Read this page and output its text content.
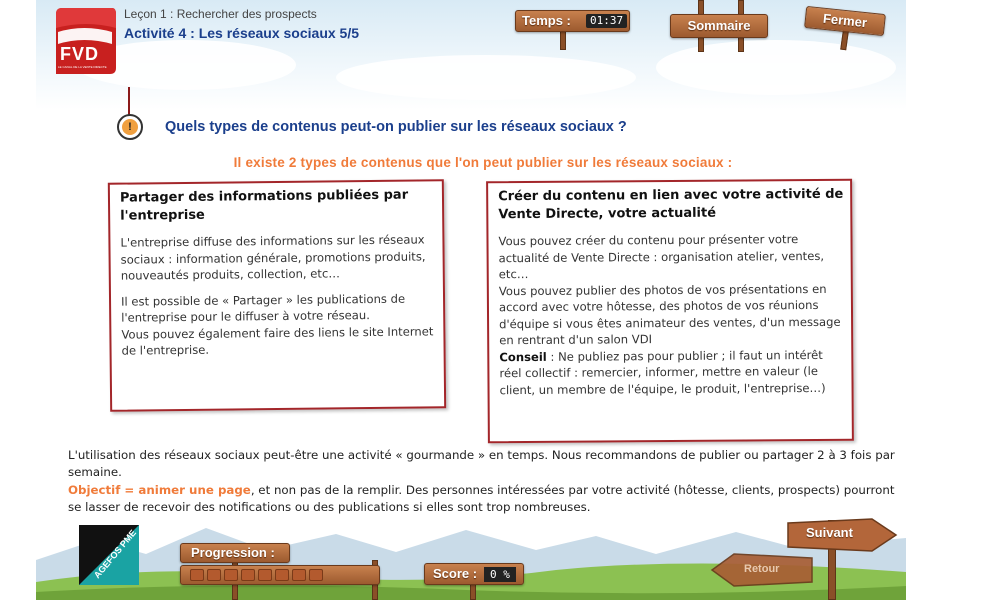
FVD
LE CANAL DE LA VENTE DIRECTE
Leçon 1 : Rechercher des prospects
Activité 4 : Les réseaux sociaux 5/5
Temps :	01:37	Sommaire	Fermer
!	Quels types de contenus peut-on publier sur les réseaux sociaux ?
Il existe 2 types de contenus que l'on peut publier sur les réseaux sociaux :
Partager des informations publiées par l'entreprise

L'entreprise diffuse des informations sur les réseaux sociaux : information générale, promotions produits, nouveautés produits, collection, etc…

Il est possible de « Partager » les publications de l'entreprise pour le diffuser à votre réseau.

Vous pouvez également faire des liens le site Internet de l'entreprise.

Créer du contenu en lien avec votre activité de Vente Directe, votre actualité

Vous pouvez créer du contenu pour présenter votre actualité de Vente Directe : organisation atelier, ventes, etc…

Vous pouvez publier des photos de vos présentations en accord avec votre hôtesse, des photos de vos réunions d'équipe si vous êtes animateur des ventes, d'un message en rentrant d'un salon VDI

Conseil : Ne publiez pas pour publier ; il faut un intérêt réel collectif : remercier, informer, mettre en valeur (le client, un membre de l'équipe, le produit, l'entreprise…)

L'utilisation des réseaux sociaux peut-être une activité « gourmande » en temps. Nous recommandons de publier ou partager 2 à 3 fois par semaine.

Objectif = animer une page, et non pas de la remplir. Des personnes intéressées par votre activité (hôtesse, clients, prospects) pourront se lasser de recevoir des notifications ou des publications si elles sont trop nombreuses.

AGEFOS PME	Progression :
Score :	0 %
Suivant
Retour
